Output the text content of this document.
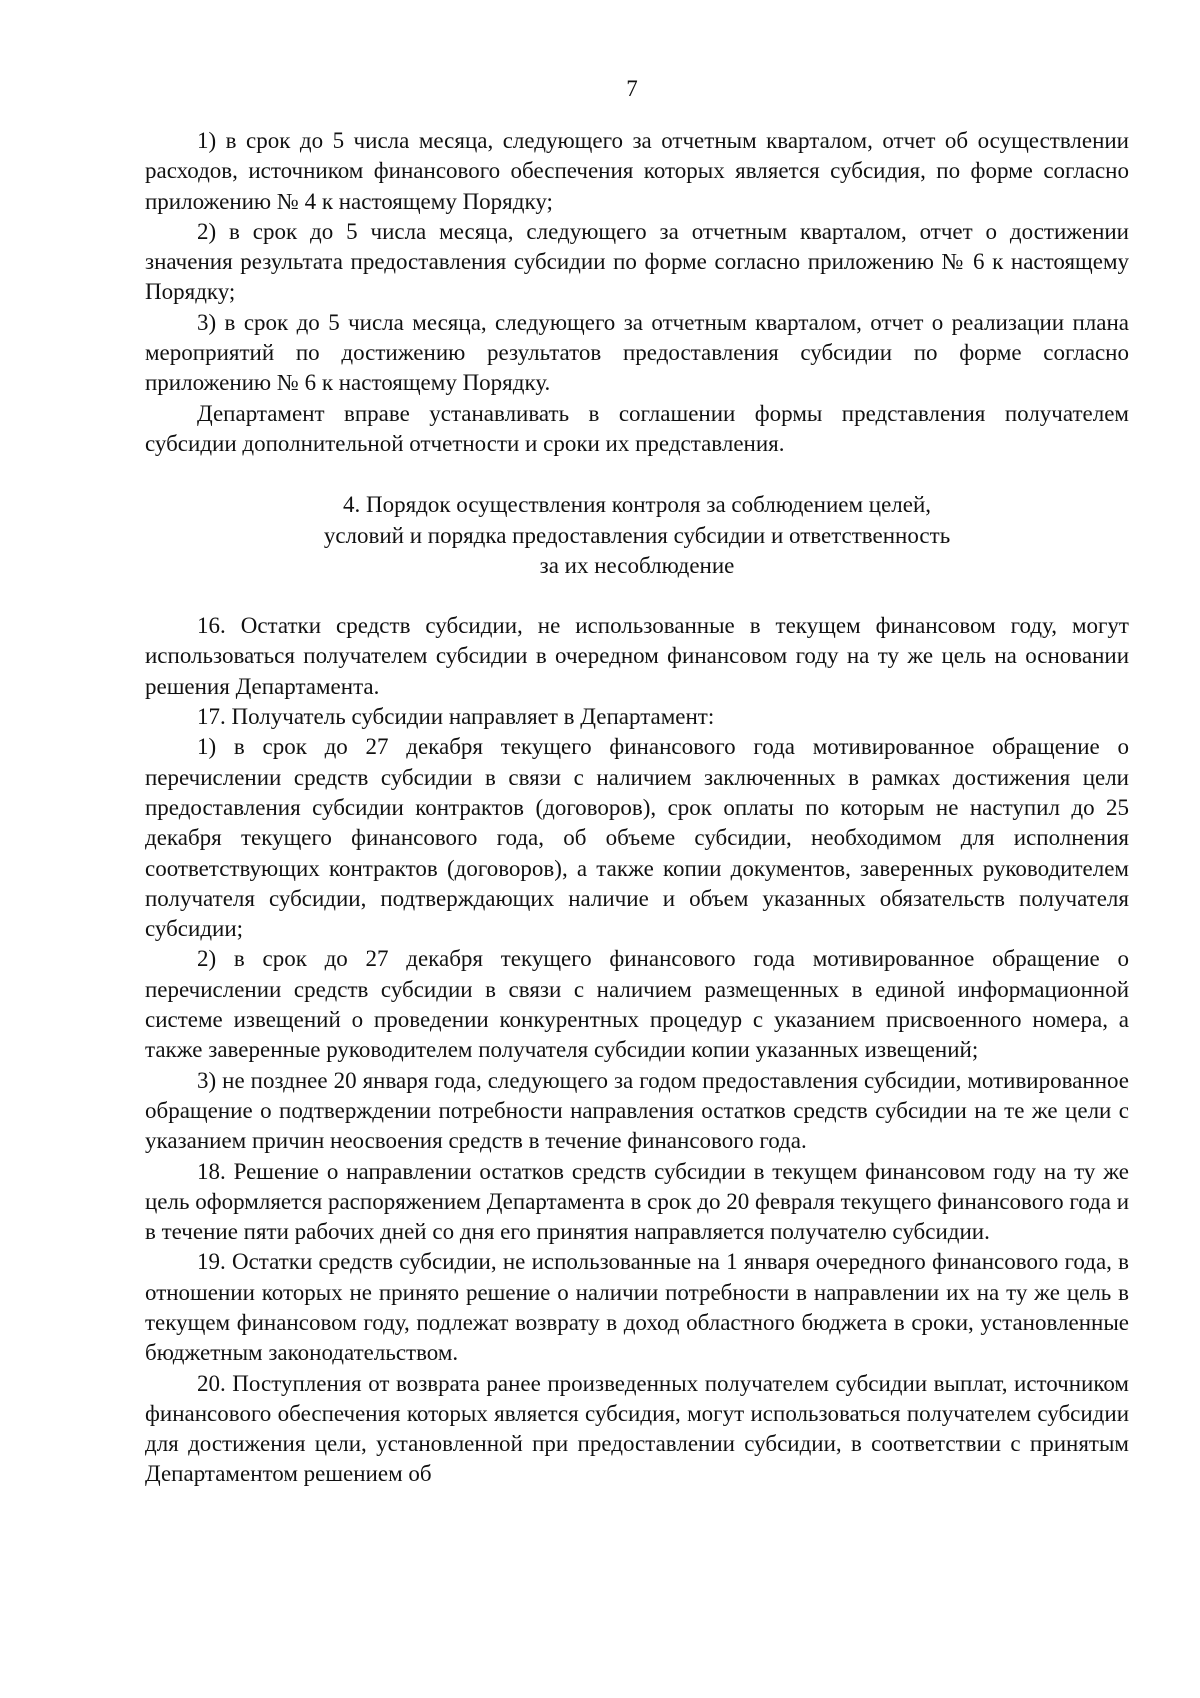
7

1) в срок до 5 числа месяца, следующего за отчетным кварталом, отчет об осуществлении расходов, источником финансового обеспечения которых является субсидия, по форме согласно приложению № 4 к настоящему Порядку;

2) в срок до 5 числа месяца, следующего за отчетным кварталом, отчет о достижении значения результата предоставления субсидии по форме согласно приложению № 6 к настоящему Порядку;

3) в срок до 5 числа месяца, следующего за отчетным кварталом, отчет о реализации плана мероприятий по достижению результатов предоставления субсидии по форме согласно приложению № 6 к настоящему Порядку.

Департамент вправе устанавливать в соглашении формы представления получателем субсидии дополнительной отчетности и сроки их представления.

4. Порядок осуществления контроля за соблюдением целей,
условий и порядка предоставления субсидии и ответственность
за их несоблюдение

16. Остатки средств субсидии, не использованные в текущем финансовом году, могут использоваться получателем субсидии в очередном финансовом году на ту же цель на основании решения Департамента.

17. Получатель субсидии направляет в Департамент:

1) в срок до 27 декабря текущего финансового года мотивированное обращение о перечислении средств субсидии в связи с наличием заключенных в рамках достижения цели предоставления субсидии контрактов (договоров), срок оплаты по которым не наступил до 25 декабря текущего финансового года, об объеме субсидии, необходимом для исполнения соответствующих контрактов (договоров), а также копии документов, заверенных руководителем получателя субсидии, подтверждающих наличие и объем указанных обязательств получателя субсидии;

2) в срок до 27 декабря текущего финансового года мотивированное обращение о перечислении средств субсидии в связи с наличием размещенных в единой информационной системе извещений о проведении конкурентных процедур с указанием присвоенного номера, а также заверенные руководителем получателя субсидии копии указанных извещений;

3) не позднее 20 января года, следующего за годом предоставления субсидии, мотивированное обращение о подтверждении потребности направления остатков средств субсидии на те же цели с указанием причин неосвоения средств в течение финансового года.

18. Решение о направлении остатков средств субсидии в текущем финансовом году на ту же цель оформляется распоряжением Департамента в срок до 20 февраля текущего финансового года и в течение пяти рабочих дней со дня его принятия направляется получателю субсидии.

19. Остатки средств субсидии, не использованные на 1 января очередного финансового года, в отношении которых не принято решение о наличии потребности в направлении их на ту же цель в текущем финансовом году, подлежат возврату в доход областного бюджета в сроки, установленные бюджетным законодательством.

20. Поступления от возврата ранее произведенных получателем субсидии выплат, источником финансового обеспечения которых является субсидия, могут использоваться получателем субсидии для достижения цели, установленной при предоставлении субсидии, в соответствии с принятым Департаментом решением об
